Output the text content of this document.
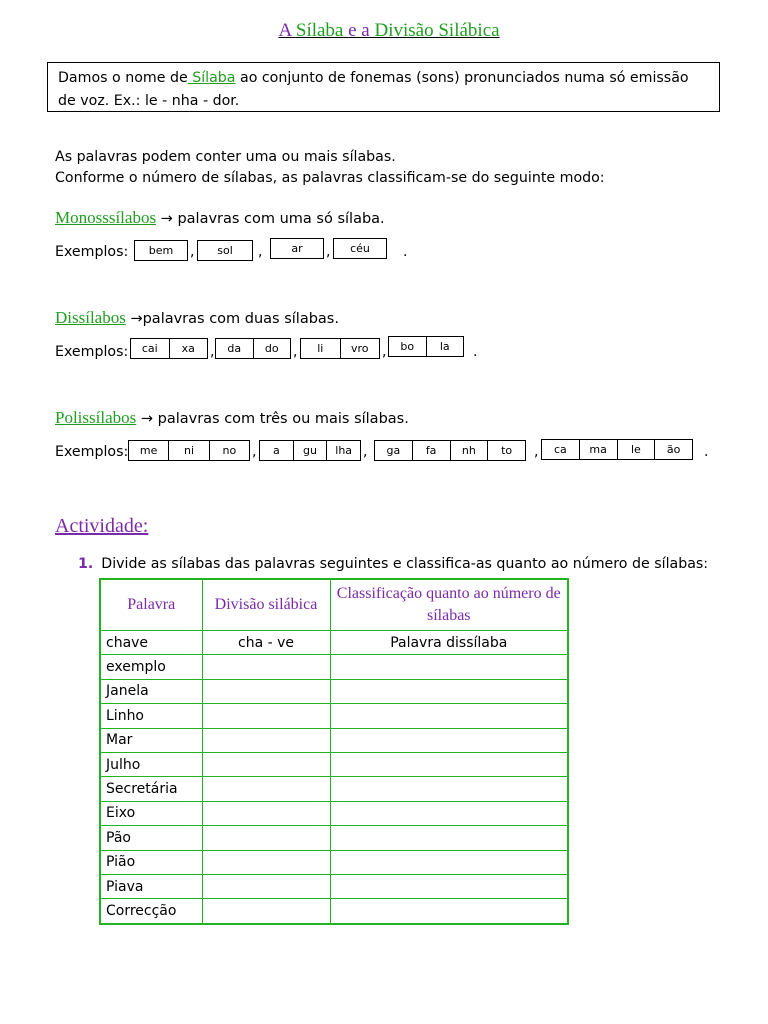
A Sílaba e a Divisão Silábica
Damos o nome de Sílaba ao conjunto de fonemas (sons) pronunciados numa só emissão de voz. Ex.: le - nha - dor.
As palavras podem conter uma ou mais sílabas.
Conforme o número de sílabas, as palavras classificam-se do seguinte modo:
Monosssílabos → palavras com uma só sílaba.
Dissílabos →palavras com duas sílabas.
Polissílabos → palavras com três ou mais sílabas.
Exemplos:
Exemplos:
Exemplos:
bem	,	sol	,	ar	,	céu	.
cai	xa	,	da	do	,	li	vro ,	bo	la	.
me	ni	no	,	a	gu	lha ,	ga	fa	nh	to	,	ca	ma	le	ão	.
Actividade:
1. Divide as sílabas das palavras seguintes e classifica-as quanto ao número de sílabas:
Palavra	Divisão silábica	Classificação quanto ao número de sílabas
chave	cha - ve	Palavra dissílaba
exemplo		
Janela		
Linho		
Mar		
Julho		
Secretária		
Eixo		
Pão		
Pião		
Piava		
Correcção		
